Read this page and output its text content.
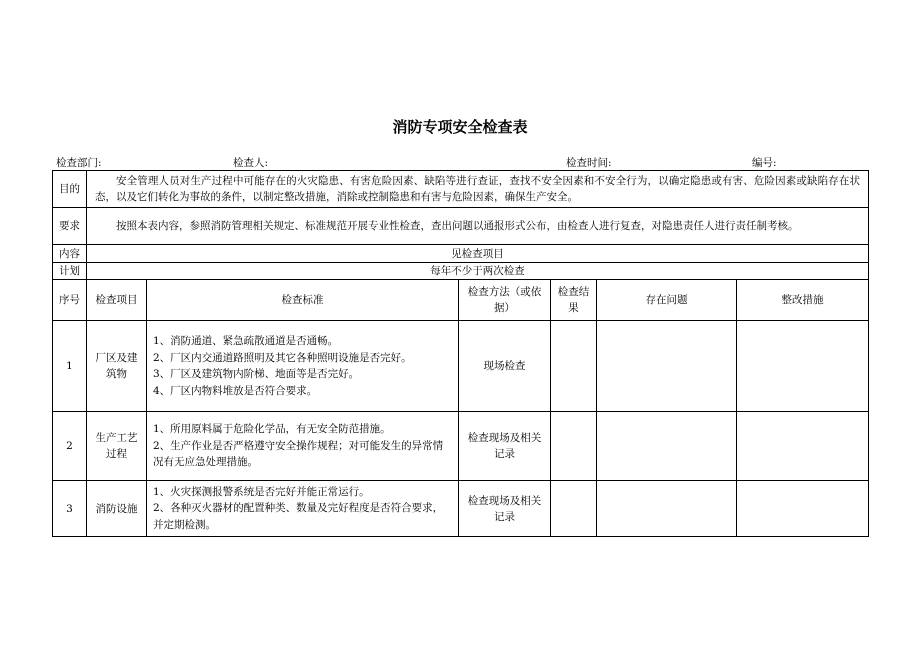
消防专项安全检查表
检查部门:	检查人:	检查时间:	编号:
目的	安全管理人员对生产过程中可能存在的火灾隐患、有害危险因素、缺陷等进行查证，查找不安全因素和不安全行为，以确定隐患或有害、危险因素或缺陷存在状态，以及它们转化为事故的条件，以制定整改措施，消除或控制隐患和有害与危险因素，确保生产安全。					
要求	按照本表内容，参照消防管理相关规定、标准规范开展专业性检查，查出问题以通报形式公布，由检查人进行复查，对隐患责任人进行责任制考核。					
内容	见检查项目					
计划	每年不少于两次检查					
序号	检查项目	检查标准	检查方法（或依据）	检查结果	存在问题	整改措施
1	厂区及建筑物	1、消防通道、紧急疏散通道是否通畅。
2、厂区内交通道路照明及其它各种照明设施是否完好。
3、厂区及建筑物内阶梯、地面等是否完好。
4、厂区内物料堆放是否符合要求。	现场检查			
2	生产工艺过程	1、所用原料属于危险化学品，有无安全防范措施。
2、生产作业是否严格遵守安全操作规程；对可能发生的异常情况有无应急处理措施。	检查现场及相关记录			
3	消防设施	1、火灾探测报警系统是否完好并能正常运行。
2、各种灭火器材的配置种类、数量及完好程度是否符合要求，并定期检测。	检查现场及相关记录			
